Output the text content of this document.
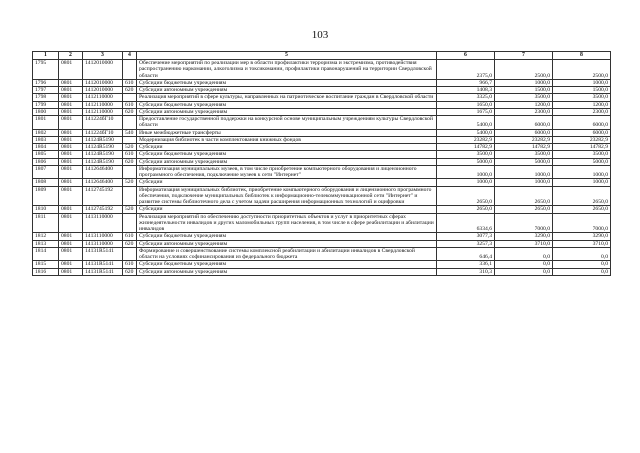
103
1	2	3	4	5	6	7	8
1795	0801	1412010000		Обеспечение мероприятий по реализации мер в области профилактики терроризма и экстремизма, противодействия распространению наркомании, алкоголизма и токсикомании, профилактики правонарушений на территории Свердловской области	2375,0	2500,0	2500,0
1796	0801	1412010000	610	Субсидии бюджетным учреждениям	966,7	1000,0	1000,0
1797	0801	1412010000	620	Субсидии автономным учреждениям	1408,3	1500,0	1500,0
1798	0801	1412110000		Реализация мероприятий в сфере культуры, направленных на патриотическое воспитание граждан в Свердловской области	3325,0	3500,0	3500,0
1799	0801	1412110000	610	Субсидии бюджетным учреждениям	1650,0	1200,0	1200,0
1800	0801	1412110000	620	Субсидии автономным учреждениям	1675,0	2300,0	2300,0
1801	0801	141224бГ10		Предоставление государственной поддержки на конкурсной основе муниципальным учреждениям культуры Свердловской области	5400,0	6000,0	6000,0
1802	0801	141224бГ10	540	Иные межбюджетные трансферты	5400,0	6000,0	6000,0
1803	0801	14124R5190		Модернизация библиотек в части комплектования книжных фондов	23282,9	23282,9	23282,9
1804	0801	14124R5190	520	Субсидии	14782,9	14782,9	14782,9
1805	0801	14124R5190	610	Субсидии бюджетным учреждениям	3500,0	3500,0	3500,0
1806	0801	14124R5190	620	Субсидии автономным учреждениям	5000,0	5000,0	5000,0
1807	0801	1412646400		Информатизация муниципальных музеев, в том числе приобретение компьютерного оборудования и лицензионного программного обеспечения, подключение музеев к сети "Интернет"	1000,0	1000,0	1000,0
1808	0801	1412646400	520	Субсидии	1000,0	1000,0	1000,0
1809	0801	1412745192		Информатизация муниципальных библиотек, приобретение компьютерного оборудования и лицензионного программного обеспечения, подключение муниципальных библиотек к информационно-телекоммуникационной сети "Интернет" и развитие системы библиотечного дела с учетом задачи расширения информационных технологий и оцифровки	2650,0	2650,0	2650,0
1810	0801	1412745192	520	Субсидии	2650,0	2650,0	2650,0
1811	0801	1413110000		Реализация мероприятий по обеспечению доступности приоритетных объектов и услуг в приоритетных сферах жизнедеятельности инвалидов и других маломобильных групп населения, в том числе в сфере реабилитации и абилитации инвалидов	6334,6	7000,0	7000,0
1812	0801	1413110000	610	Субсидии бюджетным учреждениям	3077,3	3290,0	3290,0
1813	0801	1413110000	620	Субсидии автономным учреждениям	3257,3	3710,0	3710,0
1814	0801	14131R5141		Формирование и совершенствование системы комплексной реабилитации и абилитации инвалидов в Свердловской области на условиях софинансирования из федерального бюджета	646,4	0,0	0,0
1815	0801	14131R5141	610	Субсидии бюджетным учреждениям	336,1	0,0	0,0
1816	0801	14131R5141	620	Субсидии автономным учреждениям	310,3	0,0	0,0
